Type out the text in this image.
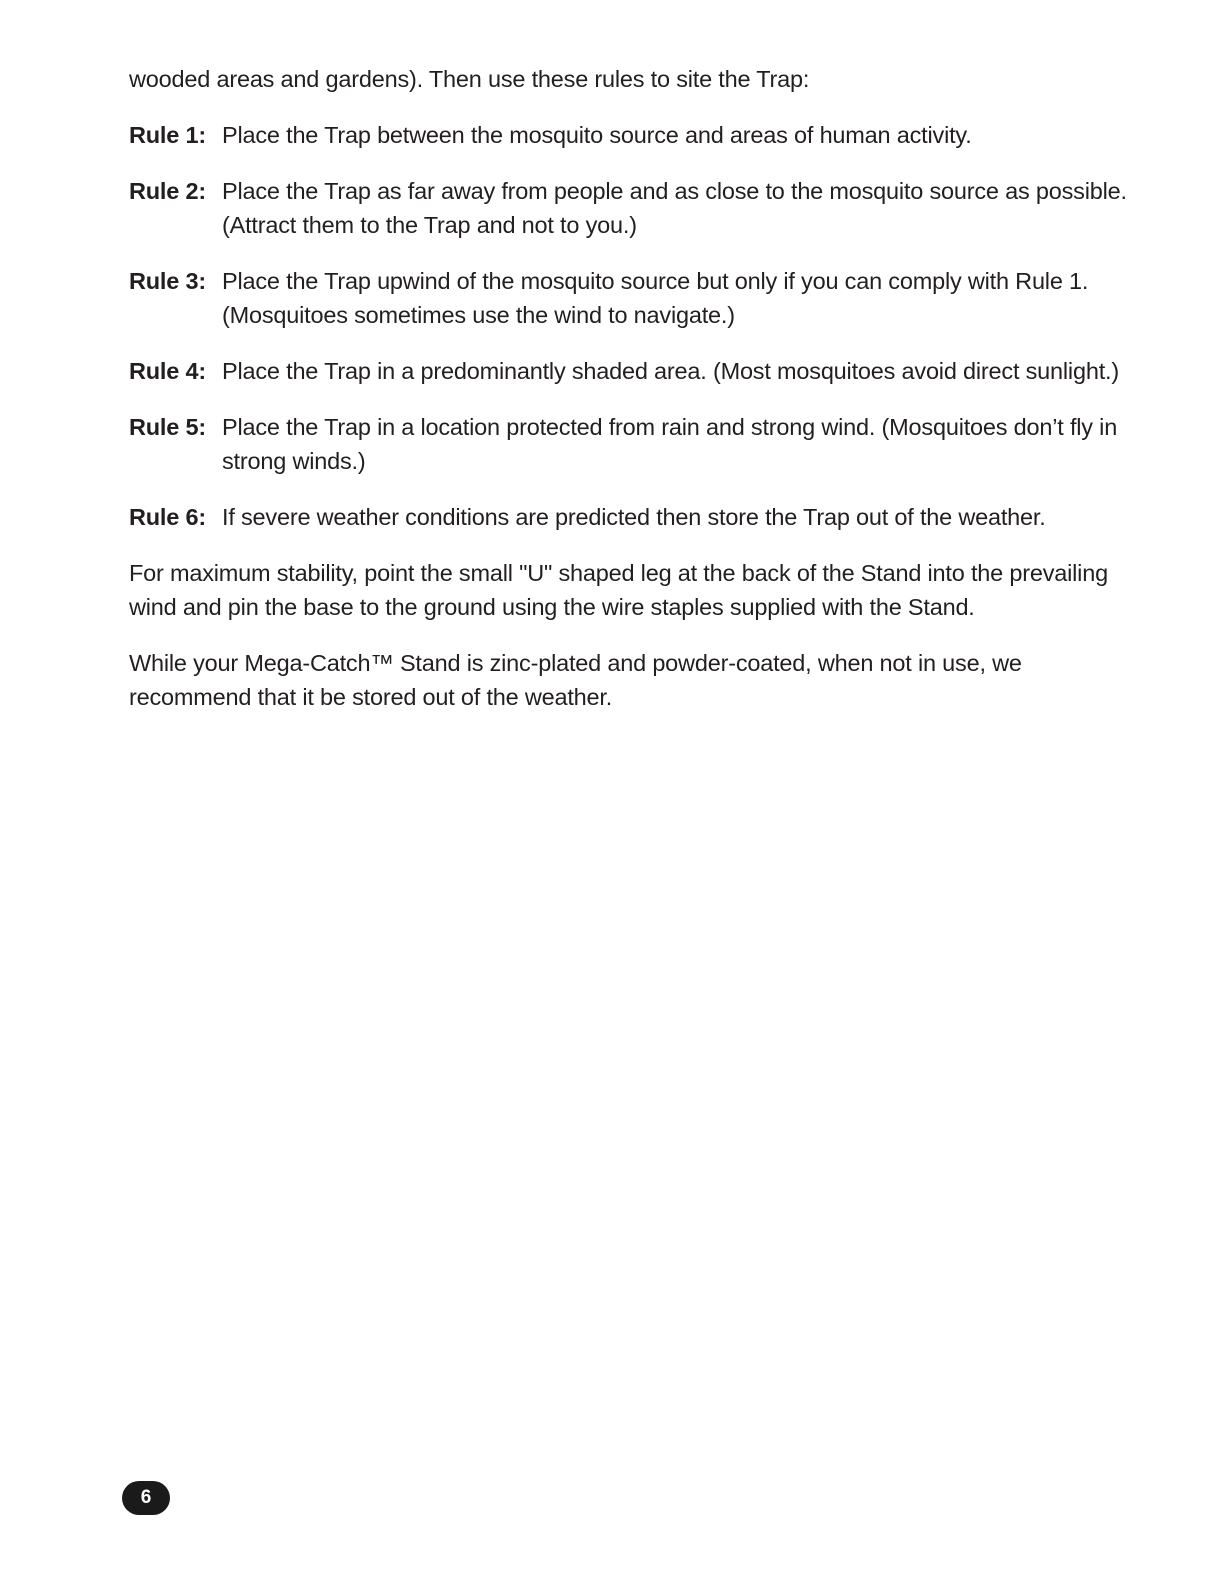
wooded areas and gardens). Then use these rules to site the Trap:

Rule 1: Place the Trap between the mosquito source and areas of human activity.
Rule 2: Place the Trap as far away from people and as close to the mosquito source as possible. (Attract them to the Trap and not to you.)
Rule 3: Place the Trap upwind of the mosquito source but only if you can comply with Rule 1. (Mosquitoes sometimes use the wind to navigate.)
Rule 4: Place the Trap in a predominantly shaded area. (Most mosquitoes avoid direct sunlight.)
Rule 5: Place the Trap in a location protected from rain and strong wind. (Mosquitoes don’t fly in strong winds.)
Rule 6: If severe weather conditions are predicted then store the Trap out of the weather.

For maximum stability, point the small "U" shaped leg at the back of the Stand into the prevailing wind and pin the base to the ground using the wire staples supplied with the Stand.

While your Mega-Catch™ Stand is zinc-plated and powder-coated, when not in use, we recommend that it be stored out of the weather.

6
